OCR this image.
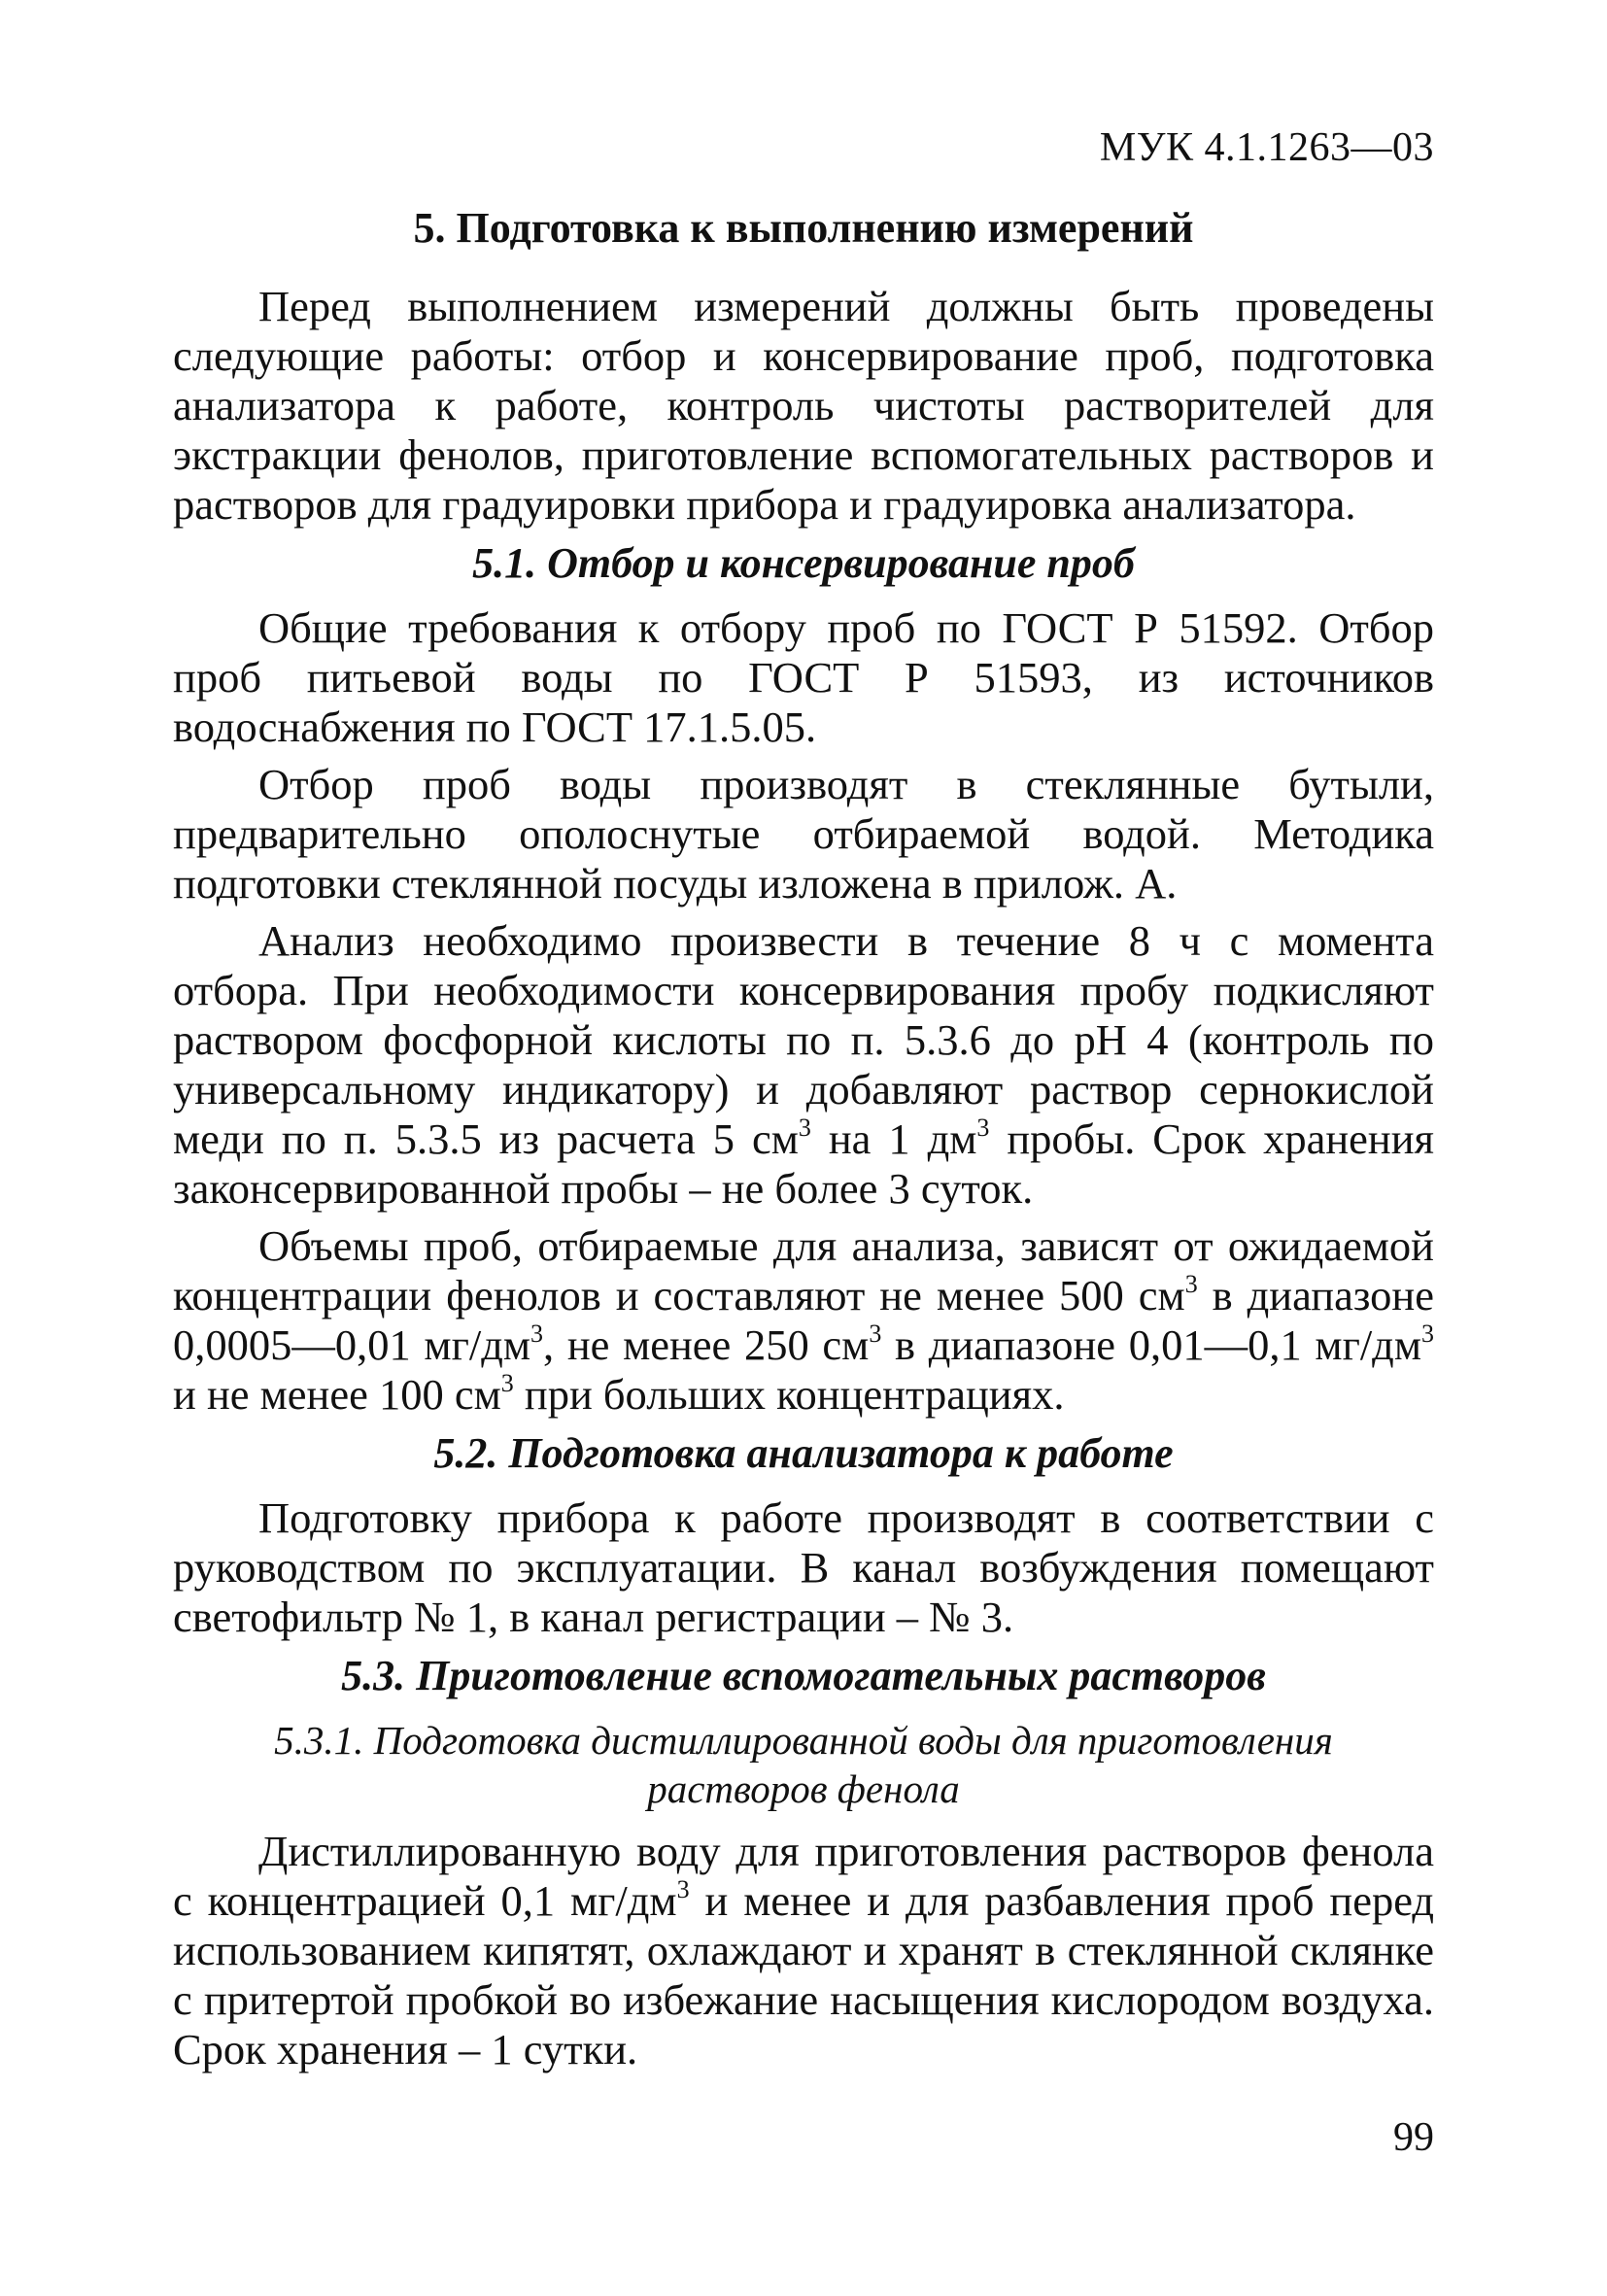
МУК 4.1.1263—03
5. Подготовка к выполнению измерений

Перед выполнением измерений должны быть проведены следующие работы: отбор и консервирование проб, подготовка анализатора к работе, контроль чистоты растворителей для экстракции фенолов, приготовление вспомогательных растворов и растворов для градуировки прибора и градуировка анализатора.

5.1. Отбор и консервирование проб

Общие требования к отбору проб по ГОСТ Р 51592. Отбор проб питьевой воды по ГОСТ Р 51593, из источников водоснабжения по ГОСТ 17.1.5.05.

Отбор проб воды производят в стеклянные бутыли, предварительно ополоснутые отбираемой водой. Методика подготовки стеклянной посуды изложена в прилож. А.

Анализ необходимо произвести в течение 8 ч с момента отбора. При необходимости консервирования пробу подкисляют раствором фосфорной кислоты по п. 5.3.6 до рН 4 (контроль по универсальному индикатору) и добавляют раствор сернокислой меди по п. 5.3.5 из расчета 5 $см^3$ на 1 $дм^3$ пробы. Срок хранения законсервированной пробы – не более 3 суток.

Объемы проб, отбираемые для анализа, зависят от ожидаемой концентрации фенолов и составляют не менее 500 $см^3$ в диапазоне 0,0005—0,01 $мг/дм^3$, не менее 250 $см^3$ в диапазоне 0,01—0,1 $мг/дм^3$ и не менее 100 $см^3$ при больших концентрациях.

5.2. Подготовка анализатора к работе

Подготовку прибора к работе производят в соответствии с руководством по эксплуатации. В канал возбуждения помещают светофильтр № 1, в канал регистрации – № 3.

5.3. Приготовление вспомогательных растворов
5.3.1. Подготовка дистиллированной воды для приготовления
растворов фенола

Дистиллированную воду для приготовления растворов фенола с концентрацией 0,1 $мг/дм^3$ и менее и для разбавления проб перед использованием кипятят, охлаждают и хранят в стеклянной склянке с притертой пробкой во избежание насыщения кислородом воздуха. Срок хранения – 1 сутки.

99
